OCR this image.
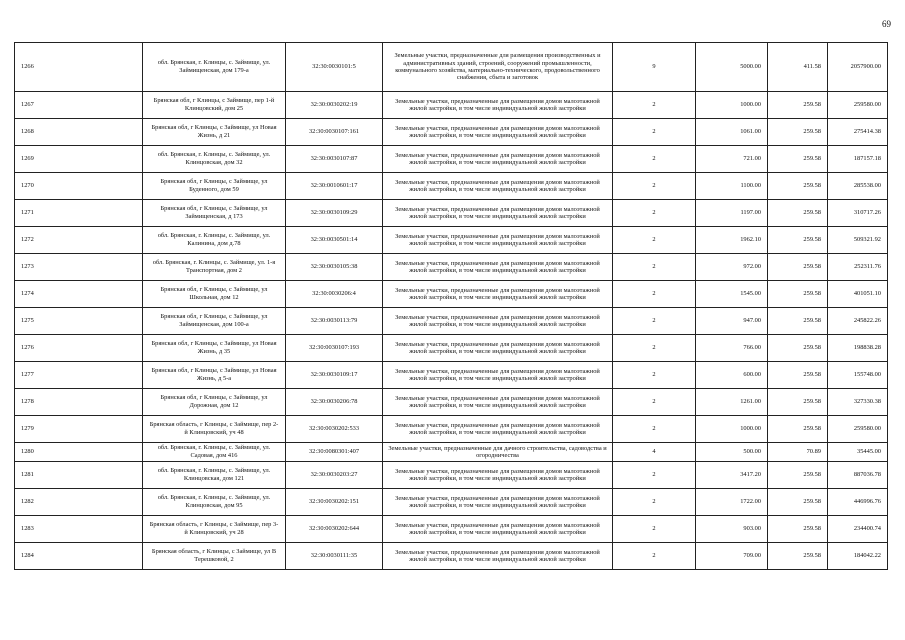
69
1266	обл. Брянская, г. Клинцы, с. Займище, ул. Займищенская, дом 179-а	32:30:0030101:5	Земельные участки, предназначенные для размещения производственных и административных зданий, строений, сооружений промышленности, коммунального хозяйства, материально-технического, продовольственного снабжения, сбыта и заготовок	9	5000.00	411.58	2057900.00
1267	Брянская обл, г Клинцы, с Займище, пер 1-й Клинцовский, дом 25	32:30:0030202:19	Земельные участки, предназначенные для размещения домов малоэтажной жилой застройки, в том числе индивидуальной жилой застройки	2	1000.00	259.58	259580.00
1268	Брянская обл, г Клинцы, с Займище, ул Новая Жизнь, д 21	32:30:0030107:161	Земельные участки, предназначенные для размещения домов малоэтажной жилой застройки, в том числе индивидуальной жилой застройки	2	1061.00	259.58	275414.38
1269	обл. Брянская, г. Клинцы, с. Займище, ул. Клинцовская, дом 32	32:30:0030107:87	Земельные участки, предназначенные для размещения домов малоэтажной жилой застройки, в том числе индивидуальной жилой застройки	2	721.00	259.58	187157.18
1270	Брянская обл, г Клинцы, с Займище, ул Буденного, дом 59	32:30:0010601:17	Земельные участки, предназначенные для размещения домов малоэтажной жилой застройки, в том числе индивидуальной жилой застройки	2	1100.00	259.58	285538.00
1271	Брянская обл, г Клинцы, с Займище, ул Займищенская, д 173	32:30:0030109:29	Земельные участки, предназначенные для размещения домов малоэтажной жилой застройки, в том числе индивидуальной жилой застройки	2	1197.00	259.58	310717.26
1272	обл. Брянская, г. Клинцы, с. Займище, ул. Калинина, дом д.78	32:30:0030501:14	Земельные участки, предназначенные для размещения домов малоэтажной жилой застройки, в том числе индивидуальной жилой застройки	2	1962.10	259.58	509321.92
1273	обл. Брянская, г. Клинцы, с. Займище, ул. 1-я Транспортная, дом 2	32:30:0030105:38	Земельные участки, предназначенные для размещения домов малоэтажной жилой застройки, в том числе индивидуальной жилой застройки	2	972.00	259.58	252311.76
1274	Брянская обл, г Клинцы, с Займище, ул Школьная, дом 12	32:30:0030206:4	Земельные участки, предназначенные для размещения домов малоэтажной жилой застройки, в том числе индивидуальной жилой застройки	2	1545.00	259.58	401051.10
1275	Брянская обл, г Клинцы, с Займище, ул Займищенская, дом 100-а	32:30:0030113:79	Земельные участки, предназначенные для размещения домов малоэтажной жилой застройки, в том числе индивидуальной жилой застройки	2	947.00	259.58	245822.26
1276	Брянская обл, г Клинцы, с Займище, ул Новая Жизнь, д 35	32:30:0030107:193	Земельные участки, предназначенные для размещения домов малоэтажной жилой застройки, в том числе индивидуальной жилой застройки	2	766.00	259.58	198838.28
1277	Брянская обл, г Клинцы, с Займище, ул Новая Жизнь, д 5-а	32:30:0030109:17	Земельные участки, предназначенные для размещения домов малоэтажной жилой застройки, в том числе индивидуальной жилой застройки	2	600.00	259.58	155748.00
1278	Брянская обл, г Клинцы, с Займище, ул Дорожная, дом 12	32:30:0030206:78	Земельные участки, предназначенные для размещения домов малоэтажной жилой застройки, в том числе индивидуальной жилой застройки	2	1261.00	259.58	327330.38
1279	Брянская область, г Клинцы, с Займище, пер 2-й Клинцовский, уч 48	32:30:0030202:533	Земельные участки, предназначенные для размещения домов малоэтажной жилой застройки, в том числе индивидуальной жилой застройки	2	1000.00	259.58	259580.00
1280	обл. Брянская, г. Клинцы, с. Займище, ул. Садовая, дом 416	32:30:0080301:407	Земельные участки, предназначенные для дачного строительства, садоводства и огородничества	4	500.00	70.89	35445.00
1281	обл. Брянская, г. Клинцы, с. Займище, ул. Клинцовская, дом 121	32:30:0030203:27	Земельные участки, предназначенные для размещения домов малоэтажной жилой застройки, в том числе индивидуальной жилой застройки	2	3417.20	259.58	887036.78
1282	обл. Брянская, г. Клинцы, с. Займище, ул. Клинцовская, дом 95	32:30:0030202:151	Земельные участки, предназначенные для размещения домов малоэтажной жилой застройки, в том числе индивидуальной жилой застройки	2	1722.00	259.58	446996.76
1283	Брянская область, г Клинцы, с Займище, пер 3-й Клинцовский, уч 28	32:30:0030202:644	Земельные участки, предназначенные для размещения домов малоэтажной жилой застройки, в том числе индивидуальной жилой застройки	2	903.00	259.58	234400.74
1284	Брянская область, г Клинцы, с Займище, ул В Терешковой, 2	32:30:0030111:35	Земельные участки, предназначенные для размещения домов малоэтажной жилой застройки, в том числе индивидуальной жилой застройки	2	709.00	259.58	184042.22
